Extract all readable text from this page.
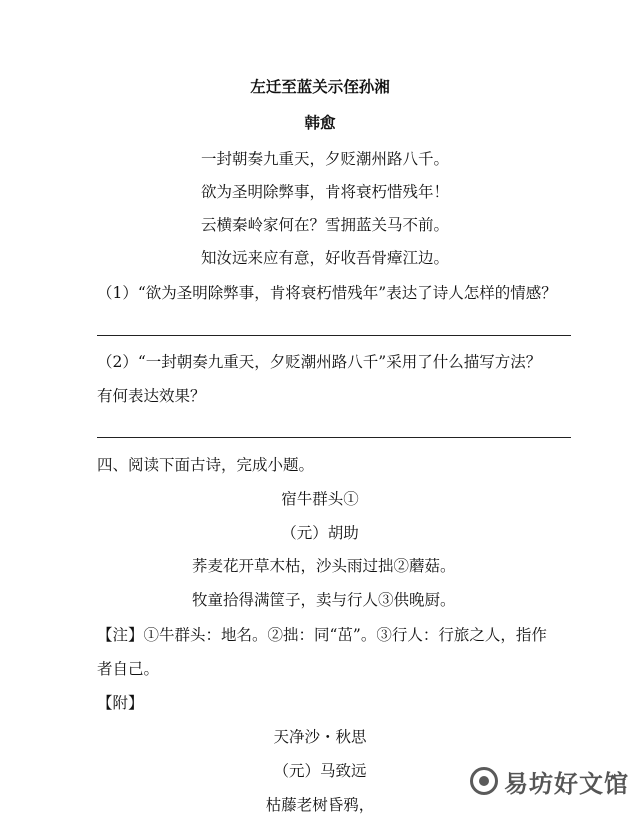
左迁至蓝关示侄孙湘
韩愈
一封朝奏九重天，夕贬潮州路八千。
欲为圣明除弊事，肯将衰朽惜残年！
云横秦岭家何在？雪拥蓝关马不前。
知汝远来应有意，好收吾骨瘴江边。
（1）“欲为圣明除弊事，肯将衰朽惜残年”表达了诗人怎样的情感？
（2）“一封朝奏九重天，夕贬潮州路八千”采用了什么描写方法？
有何表达效果？
四、阅读下面古诗，完成小题。
宿牛群头①
（元）胡助
荞麦花开草木枯，沙头雨过拙②蘑菇。
牧童拾得满筐子，卖与行人③供晚厨。
【注】①牛群头：地名。②拙：同“茁”。③行人：行旅之人，指作
者自己。
【附】
天净沙・秋思
（元）马致远
枯藤老树昏鸦，
易坊好文馆
